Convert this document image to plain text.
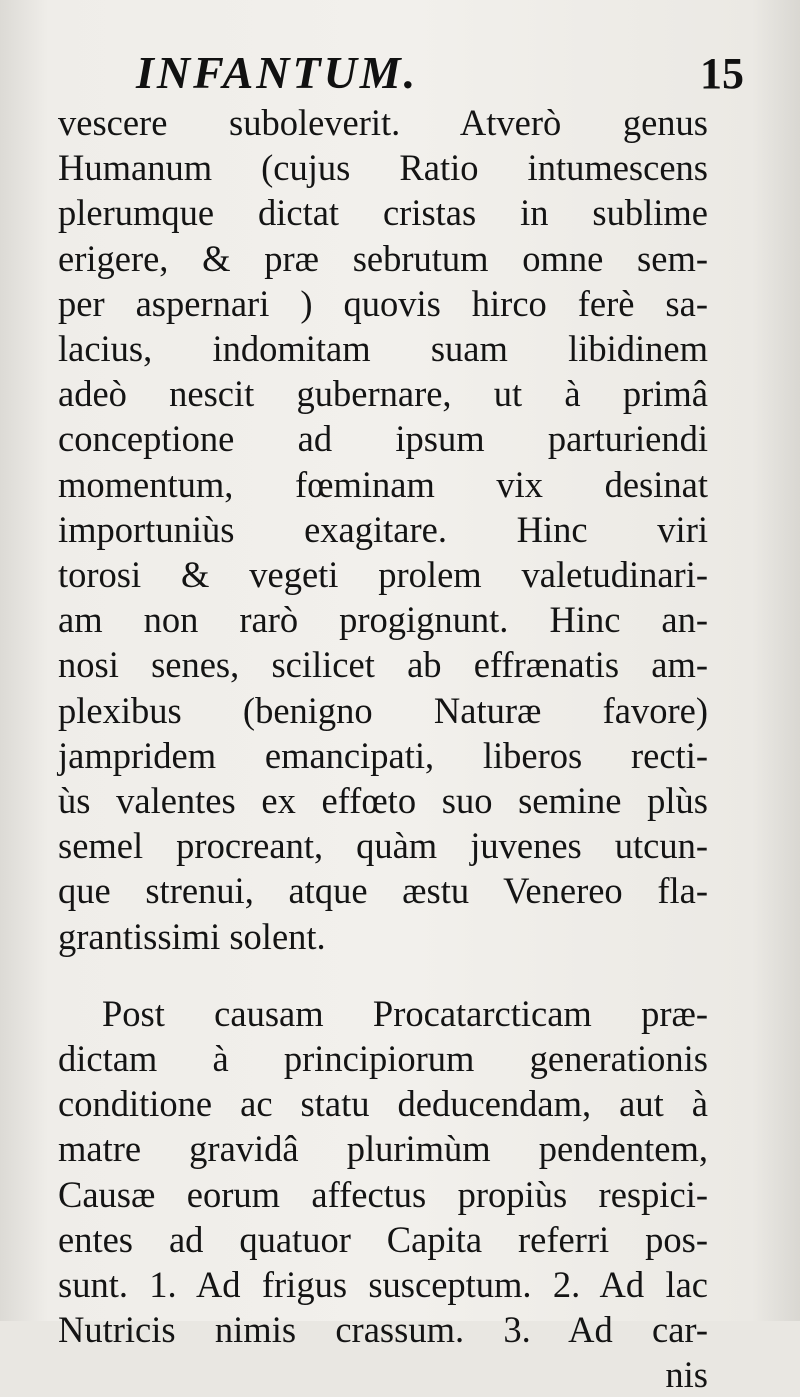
INFANTUM.	15
vescere suboleverit. Atverò genus
Humanum (cujus Ratio intumescens
plerumque dictat cristas in sublime
erigere, & præ sebrutum omne sem-
per aspernari ) quovis hirco ferè sa-
lacius, indomitam suam libidinem
adeò nescit gubernare, ut à primâ
conceptione ad ipsum parturiendi
momentum, fœminam vix desinat
importuniùs exagitare. Hinc viri
torosi & vegeti prolem valetudinari-
am non rarò progignunt. Hinc an-
nosi senes, scilicet ab effrænatis am-
plexibus (benigno Naturæ favore)
jampridem emancipati, liberos recti-
ùs valentes ex effœto suo semine plùs
semel procreant, quàm juvenes utcun-
que strenui, atque æstu Venereo fla-
grantissimi solent.
Post causam Procatarcticam præ-
dictam à principiorum generationis
conditione ac statu deducendam, aut à
matre gravidâ plurimùm pendentem,
Causæ eorum affectus propiùs respici-
entes ad quatuor Capita referri pos-
sunt. 1. Ad frigus susceptum. 2. Ad lac
Nutricis nimis crassum. 3. Ad car-
nis
